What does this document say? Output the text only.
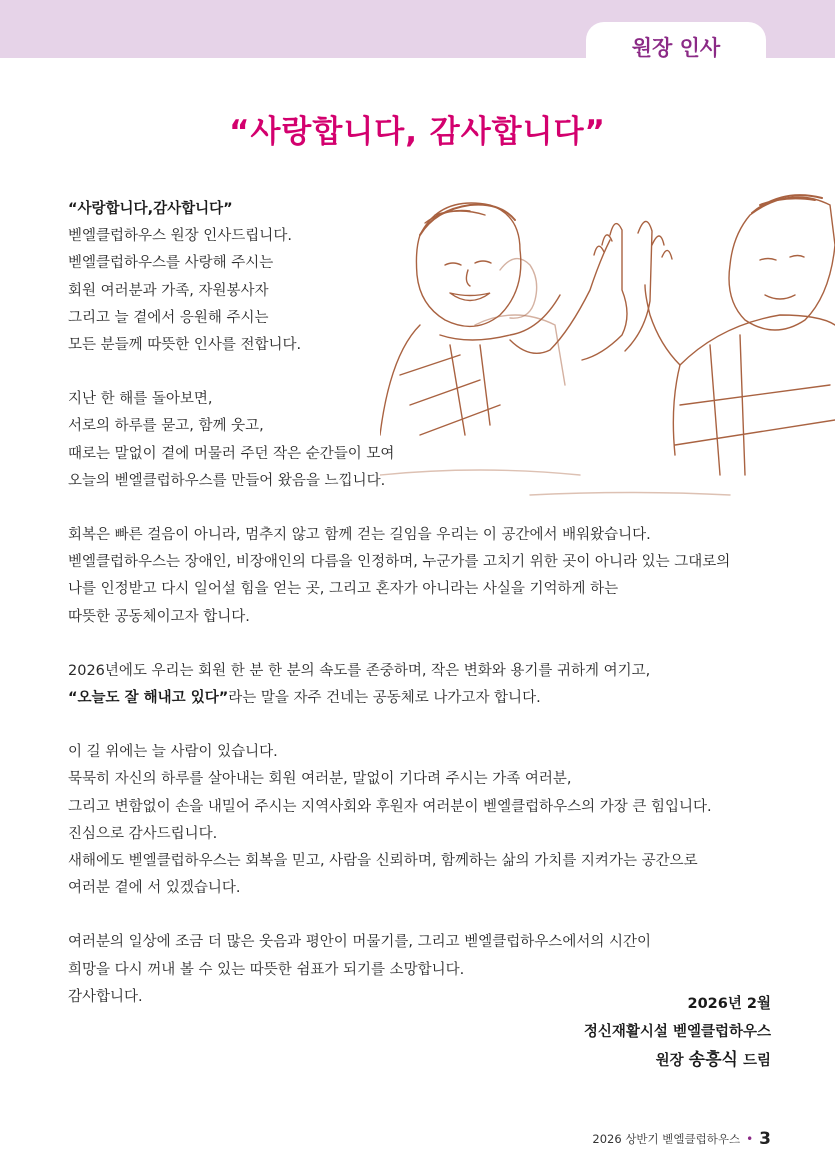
원장 인사
“사랑합니다, 감사합니다”

“사랑합니다,감사합니다”

벧엘클럽하우스 원장 인사드립니다.

벧엘클럽하우스를 사랑해 주시는

회원 여러분과 가족, 자원봉사자

그리고 늘 곁에서 응원해 주시는

모든 분들께 따뜻한 인사를 전합니다.

지난 한 해를 돌아보면,

서로의 하루를 묻고, 함께 웃고,

때로는 말없이 곁에 머물러 주던 작은 순간들이 모여

오늘의 벧엘클럽하우스를 만들어 왔음을 느낍니다.

회복은 빠른 걸음이 아니라, 멈추지 않고 함께 걷는 길임을 우리는 이 공간에서 배워왔습니다.

벧엘클럽하우스는 장애인, 비장애인의 다름을 인정하며, 누군가를 고치기 위한 곳이 아니라 있는 그대로의

나를 인정받고 다시 일어설 힘을 얻는 곳, 그리고 혼자가 아니라는 사실을 기억하게 하는

따뜻한 공동체이고자 합니다.

2026년에도 우리는 회원 한 분 한 분의 속도를 존중하며, 작은 변화와 용기를 귀하게 여기고,

“오늘도 잘 해내고 있다”라는 말을 자주 건네는 공동체로 나가고자 합니다.

이 길 위에는 늘 사람이 있습니다.

묵묵히 자신의 하루를 살아내는 회원 여러분, 말없이 기다려 주시는 가족 여러분,

그리고 변함없이 손을 내밀어 주시는 지역사회와 후원자 여러분이 벧엘클럽하우스의 가장 큰 힘입니다.

진심으로 감사드립니다.

새해에도 벧엘클럽하우스는 회복을 믿고, 사람을 신뢰하며, 함께하는 삶의 가치를 지켜가는 공간으로

여러분 곁에 서 있겠습니다.

여러분의 일상에 조금 더 많은 웃음과 평안이 머물기를, 그리고 벧엘클럽하우스에서의 시간이

희망을 다시 꺼내 볼 수 있는 따뜻한 쉼표가 되기를 소망합니다.

감사합니다.	2026년 2월
정신재활시설 벧엘클럽하우스
원장 송흥식 드림
2026 상반기 벧엘클럽하우스 • 3
